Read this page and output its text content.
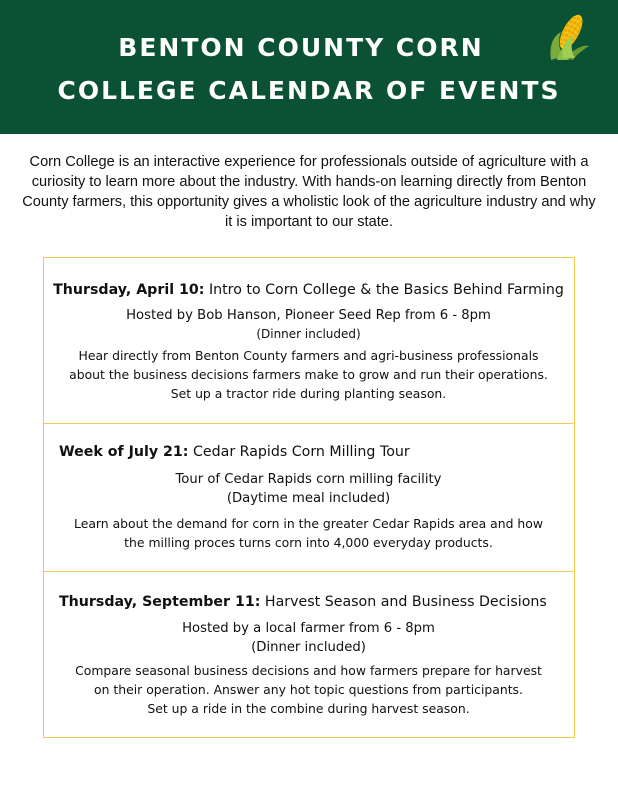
BENTON COUNTY CORN
COLLEGE CALENDAR OF EVENTS
Corn College is an interactive experience for professionals outside of agriculture with a curiosity to learn more about the industry. With hands-on learning directly from Benton County farmers, this opportunity gives a wholistic look of the agriculture industry and why it is important to our state.
Thursday, April 10: Intro to Corn College & the Basics Behind Farming
Hosted by Bob Hanson, Pioneer Seed Rep from 6 - 8pm
(Dinner included)
Hear directly from Benton County farmers and agri-business professionals
about the business decisions farmers make to grow and run their operations.
Set up a tractor ride during planting season.
Week of July 21: Cedar Rapids Corn Milling Tour
Tour of Cedar Rapids corn milling facility
(Daytime meal included)
Learn about the demand for corn in the greater Cedar Rapids area and how
the milling proces turns corn into 4,000 everyday products.
Thursday, September 11: Harvest Season and Business Decisions
Hosted by a local farmer from 6 - 8pm
(Dinner included)
Compare seasonal business decisions and how farmers prepare for harvest
on their operation. Answer any hot topic questions from participants.
Set up a ride in the combine during harvest season.
